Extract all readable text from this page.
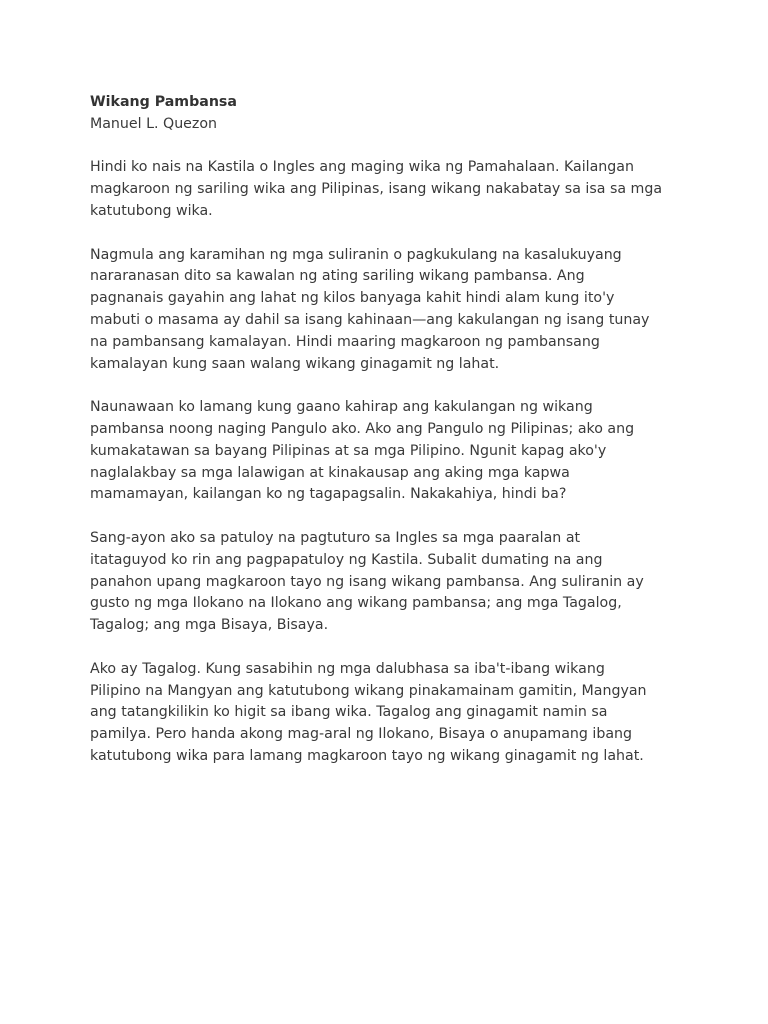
Wikang Pambansa

Manuel L. Quezon

Hindi ko nais na Kastila o Ingles ang maging wika ng Pamahalaan. Kailangan
magkaroon ng sariling wika ang Pilipinas, isang wikang nakabatay sa isa sa mga
katutubong wika.

Nagmula ang karamihan ng mga suliranin o pagkukulang na kasalukuyang
nararanasan dito sa kawalan ng ating sariling wikang pambansa. Ang
pagnanais gayahin ang lahat ng kilos banyaga kahit hindi alam kung ito'y
mabuti o masama ay dahil sa isang kahinaan—ang kakulangan ng isang tunay
na pambansang kamalayan. Hindi maaring magkaroon ng pambansang
kamalayan kung saan walang wikang ginagamit ng lahat.

Naunawaan ko lamang kung gaano kahirap ang kakulangan ng wikang
pambansa noong naging Pangulo ako. Ako ang Pangulo ng Pilipinas; ako ang
kumakatawan sa bayang Pilipinas at sa mga Pilipino. Ngunit kapag ako'y
naglalakbay sa mga lalawigan at kinakausap ang aking mga kapwa
mamamayan, kailangan ko ng tagapagsalin. Nakakahiya, hindi ba?

Sang-ayon ako sa patuloy na pagtuturo sa Ingles sa mga paaralan at
itataguyod ko rin ang pagpapatuloy ng Kastila. Subalit dumating na ang
panahon upang magkaroon tayo ng isang wikang pambansa. Ang suliranin ay
gusto ng mga Ilokano na Ilokano ang wikang pambansa; ang mga Tagalog,
Tagalog; ang mga Bisaya, Bisaya.

Ako ay Tagalog. Kung sasabihin ng mga dalubhasa sa iba't-ibang wikang
Pilipino na Mangyan ang katutubong wikang pinakamainam gamitin, Mangyan
ang tatangkilikin ko higit sa ibang wika. Tagalog ang ginagamit namin sa
pamilya. Pero handa akong mag-aral ng Ilokano, Bisaya o anupamang ibang
katutubong wika para lamang magkaroon tayo ng wikang ginagamit ng lahat.
